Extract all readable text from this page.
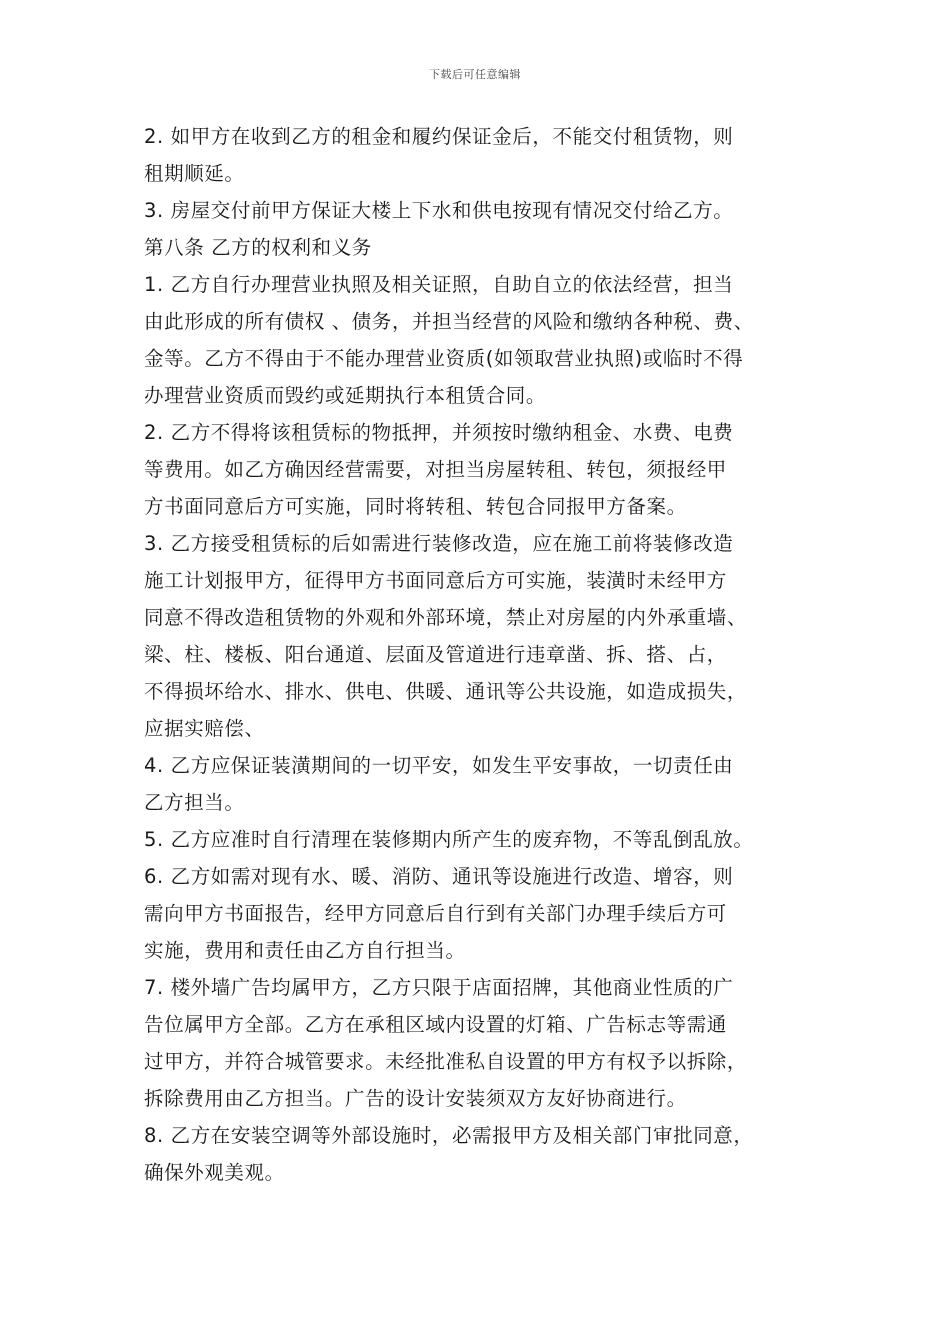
下载后可任意编辑
2. 如甲方在收到乙方的租金和履约保证金后，不能交付租赁物，则
租期顺延。
3. 房屋交付前甲方保证大楼上下水和供电按现有情况交付给乙方。
第八条 乙方的权利和义务
1. 乙方自行办理营业执照及相关证照，自助自立的依法经营，担当
由此形成的所有债权 、债务，并担当经营的风险和缴纳各种税、费、
金等。乙方不得由于不能办理营业资质(如领取营业执照)或临时不得
办理营业资质而毁约或延期执行本租赁合同。
2. 乙方不得将该租赁标的物抵押，并须按时缴纳租金、水费、电费
等费用。如乙方确因经营需要，对担当房屋转租、转包，须报经甲
方书面同意后方可实施，同时将转租、转包合同报甲方备案。
3. 乙方接受租赁标的后如需进行装修改造，应在施工前将装修改造
施工计划报甲方，征得甲方书面同意后方可实施，装潢时未经甲方
同意不得改造租赁物的外观和外部环境，禁止对房屋的内外承重墙、
梁、柱、楼板、阳台通道、层面及管道进行违章凿、拆、搭、占，
不得损坏给水、排水、供电、供暖、通讯等公共设施，如造成损失，
应据实赔偿、
4. 乙方应保证装潢期间的一切平安，如发生平安事故，一切责任由
乙方担当。
5. 乙方应准时自行清理在装修期内所产生的废弃物，不等乱倒乱放。
6. 乙方如需对现有水、暖、消防、通讯等设施进行改造、增容，则
需向甲方书面报告，经甲方同意后自行到有关部门办理手续后方可
实施，费用和责任由乙方自行担当。
7. 楼外墙广告均属甲方，乙方只限于店面招牌，其他商业性质的广
告位属甲方全部。乙方在承租区域内设置的灯箱、广告标志等需通
过甲方，并符合城管要求。未经批准私自设置的甲方有权予以拆除，
拆除费用由乙方担当。广告的设计安装须双方友好协商进行。
8. 乙方在安装空调等外部设施时，必需报甲方及相关部门审批同意，
确保外观美观。
